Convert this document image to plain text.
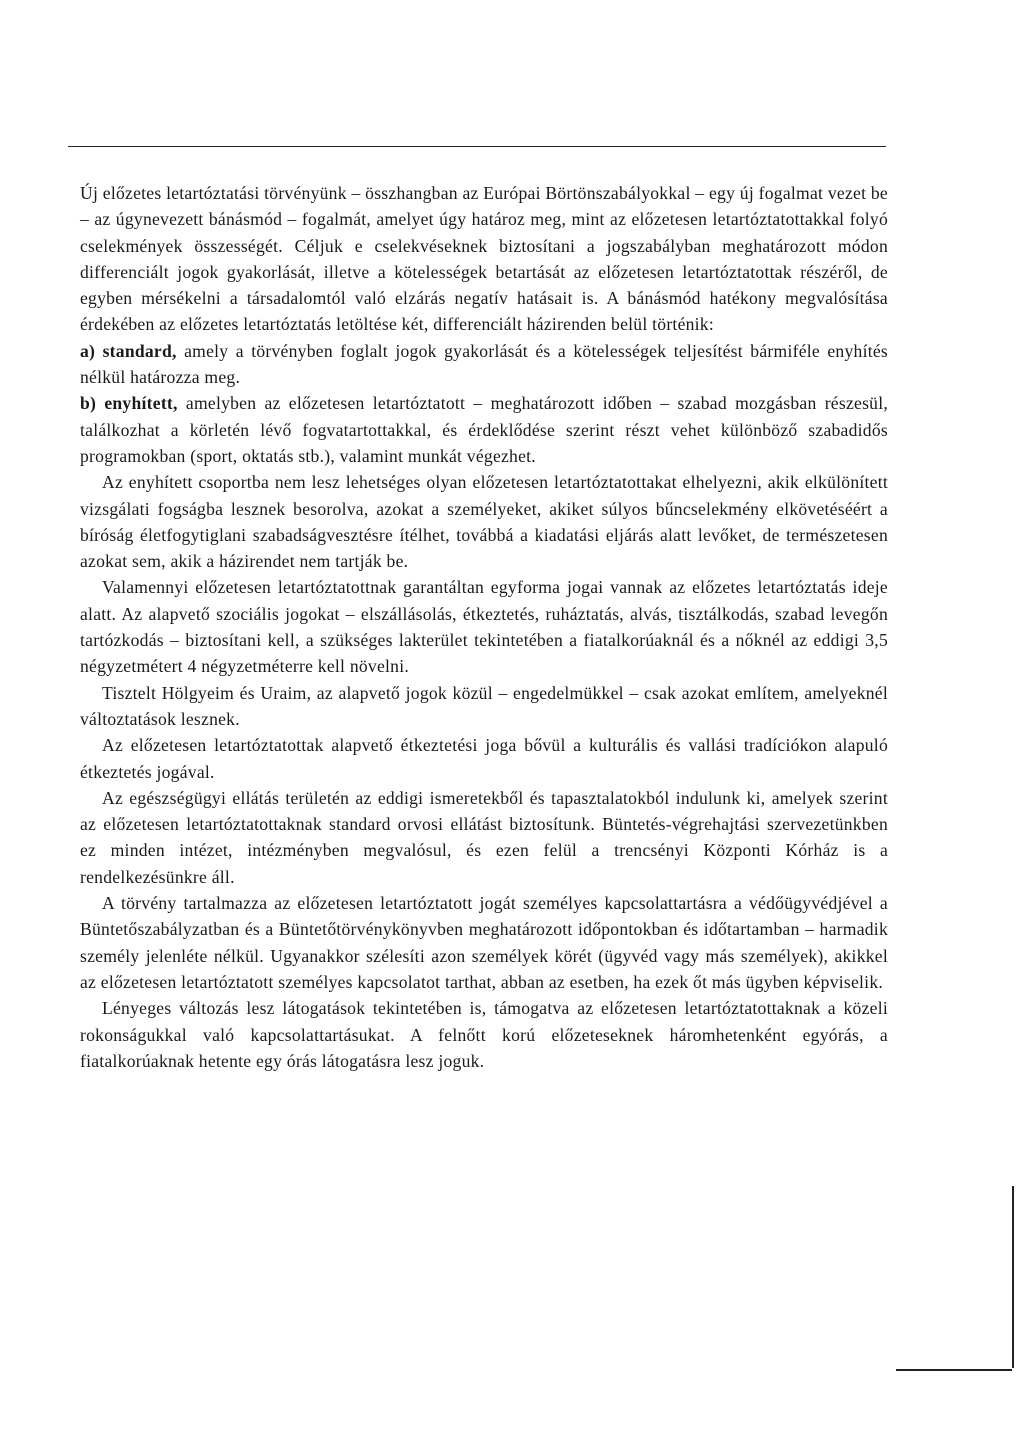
Új előzetes letartóztatási törvényünk – összhangban az Európai Börtönszabályokkal – egy új fogalmat vezet be – az úgynevezett bánásmód – fogalmát, amelyet úgy határoz meg, mint az előzetesen letartóztatottakkal folyó cselekmények összességét. Céljuk e cselekvéseknek biztosítani a jogszabályban meghatározott módon differenciált jogok gyakorlását, illetve a kötelességek betartását az előzetesen letartóztatottak részéről, de egyben mérsékelni a társadalomtól való elzárás negatív hatásait is. A bánásmód hatékony megvalósítása érdekében az előzetes letartóztatás letöltése két, differenciált házirenden belül történik:

a) standard, amely a törvényben foglalt jogok gyakorlását és a kötelességek teljesítést bármiféle enyhítés nélkül határozza meg.

b) enyhített, amelyben az előzetesen letartóztatott – meghatározott időben – szabad mozgásban részesül, találkozhat a körletén lévő fogvatartottakkal, és érdeklődése szerint részt vehet különböző szabadidős programokban (sport, oktatás stb.), valamint munkát végezhet.

Az enyhített csoportba nem lesz lehetséges olyan előzetesen letartóztatottakat elhelyezni, akik elkülönített vizsgálati fogságba lesznek besorolva, azokat a személyeket, akiket súlyos bűncselekmény elkövetéséért a bíróság életfogytiglani szabadságvesztésre ítélhet, továbbá a kiadatási eljárás alatt levőket, de természetesen azokat sem, akik a házirendet nem tartják be.

Valamennyi előzetesen letartóztatottnak garantáltan egyforma jogai vannak az előzetes letartóztatás ideje alatt. Az alapvető szociális jogokat – elszállásolás, étkeztetés, ruháztatás, alvás, tisztálkodás, szabad levegőn tartózkodás – biztosítani kell, a szükséges lakterület tekintetében a fiatalkorúaknál és a nőknél az eddigi 3,5 négyzetmétert 4 négyzetméterre kell növelni.

Tisztelt Hölgyeim és Uraim, az alapvető jogok közül – engedelmükkel – csak azokat említem, amelyeknél változtatások lesznek.

Az előzetesen letartóztatottak alapvető étkeztetési joga bővül a kulturális és vallási tradíciókon alapuló étkeztetés jogával.

Az egészségügyi ellátás területén az eddigi ismeretekből és tapasztalatokból indulunk ki, amelyek szerint az előzetesen letartóztatottaknak standard orvosi ellátást biztosítunk. Büntetés-végrehajtási szervezetünkben ez minden intézet, intézményben megvalósul, és ezen felül a trencsényi Központi Kórház is a rendelkezésünkre áll.

A törvény tartalmazza az előzetesen letartóztatott jogát személyes kapcsolattartásra a védőügyvédjével a Büntetőszabályzatban és a Büntetőtörvénykönyvben meghatározott időpontokban és időtartamban – harmadik személy jelenléte nélkül. Ugyanakkor szélesíti azon személyek körét (ügyvéd vagy más személyek), akikkel az előzetesen letartóztatott személyes kapcsolatot tarthat, abban az esetben, ha ezek őt más ügyben képviselik.

Lényeges változás lesz látogatások tekintetében is, támogatva az előzetesen letartóztatottaknak a közeli rokonságukkal való kapcsolattartásukat. A felnőtt korú előzeteseknek háromhetenként egyórás, a fiatalkorúaknak hetente egy órás látogatásra lesz joguk.
